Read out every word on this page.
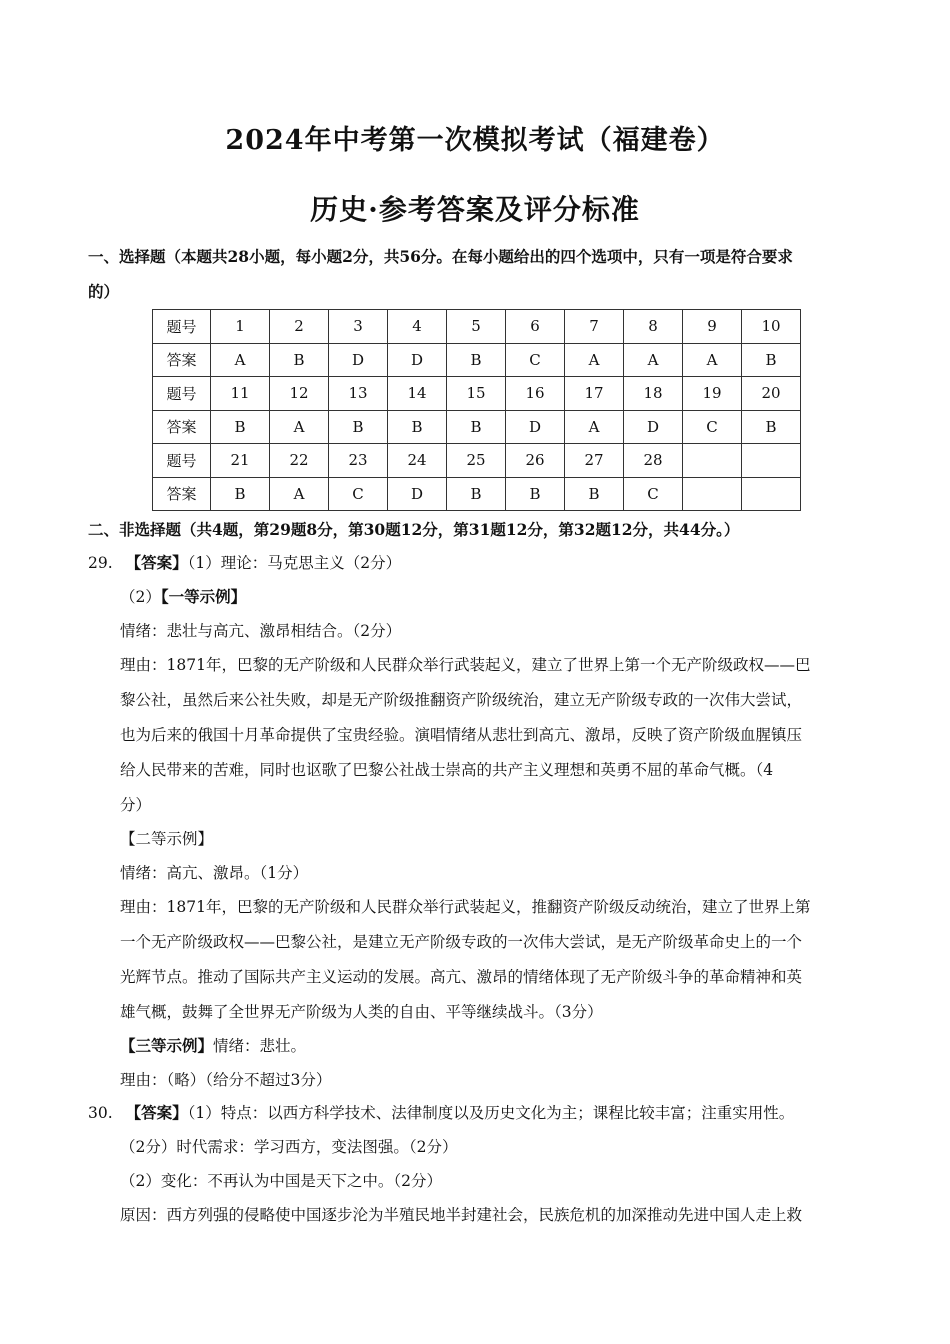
2024年中考第一次模拟考试（福建卷）
历史·参考答案及评分标准
一、选择题（本题共28小题，每小题2分，共56分。在每小题给出的四个选项中，只有一项是符合要求
的）
题号	1	2	3	4	5	6	7	8	9	10
答案	A	B	D	D	B	C	A	A	A	B
题号	11	12	13	14	15	16	17	18	19	20
答案	B	A	B	B	B	D	A	D	C	B
题号	21	22	23	24	25	26	27	28		
答案	B	A	C	D	B	B	B	C		
二、非选择题（共4题，第29题8分，第30题12分，第31题12分，第32题12分，共44分。）
29. 【答案】（1）理论：马克思主义（2分）
（2）【一等示例】
情绪：悲壮与高亢、激昂相结合。（2分）
理由：1871年，巴黎的无产阶级和人民群众举行武装起义，建立了世界上第一个无产阶级政权——巴
黎公社，虽然后来公社失败，却是无产阶级推翻资产阶级统治，建立无产阶级专政的一次伟大尝试，
也为后来的俄国十月革命提供了宝贵经验。演唱情绪从悲壮到高亢、激昂，反映了资产阶级血腥镇压
给人民带来的苦难，同时也讴歌了巴黎公社战士崇高的共产主义理想和英勇不屈的革命气概。（4
分）
【二等示例】
情绪：高亢、激昂。（1分）
理由：1871年，巴黎的无产阶级和人民群众举行武装起义，推翻资产阶级反动统治，建立了世界上第
一个无产阶级政权——巴黎公社，是建立无产阶级专政的一次伟大尝试，是无产阶级革命史上的一个
光辉节点。推动了国际共产主义运动的发展。高亢、激昂的情绪体现了无产阶级斗争的革命精神和英
雄气概，鼓舞了全世界无产阶级为人类的自由、平等继续战斗。（3分）
【三等示例】情绪：悲壮。
理由：（略）（给分不超过3分）
30. 【答案】（1）特点：以西方科学技术、法律制度以及历史文化为主；课程比较丰富；注重实用性。
（2分）时代需求：学习西方，变法图强。（2分）
（2）变化：不再认为中国是天下之中。（2分）
原因：西方列强的侵略使中国逐步沦为半殖民地半封建社会，民族危机的加深推动先进中国人走上救
